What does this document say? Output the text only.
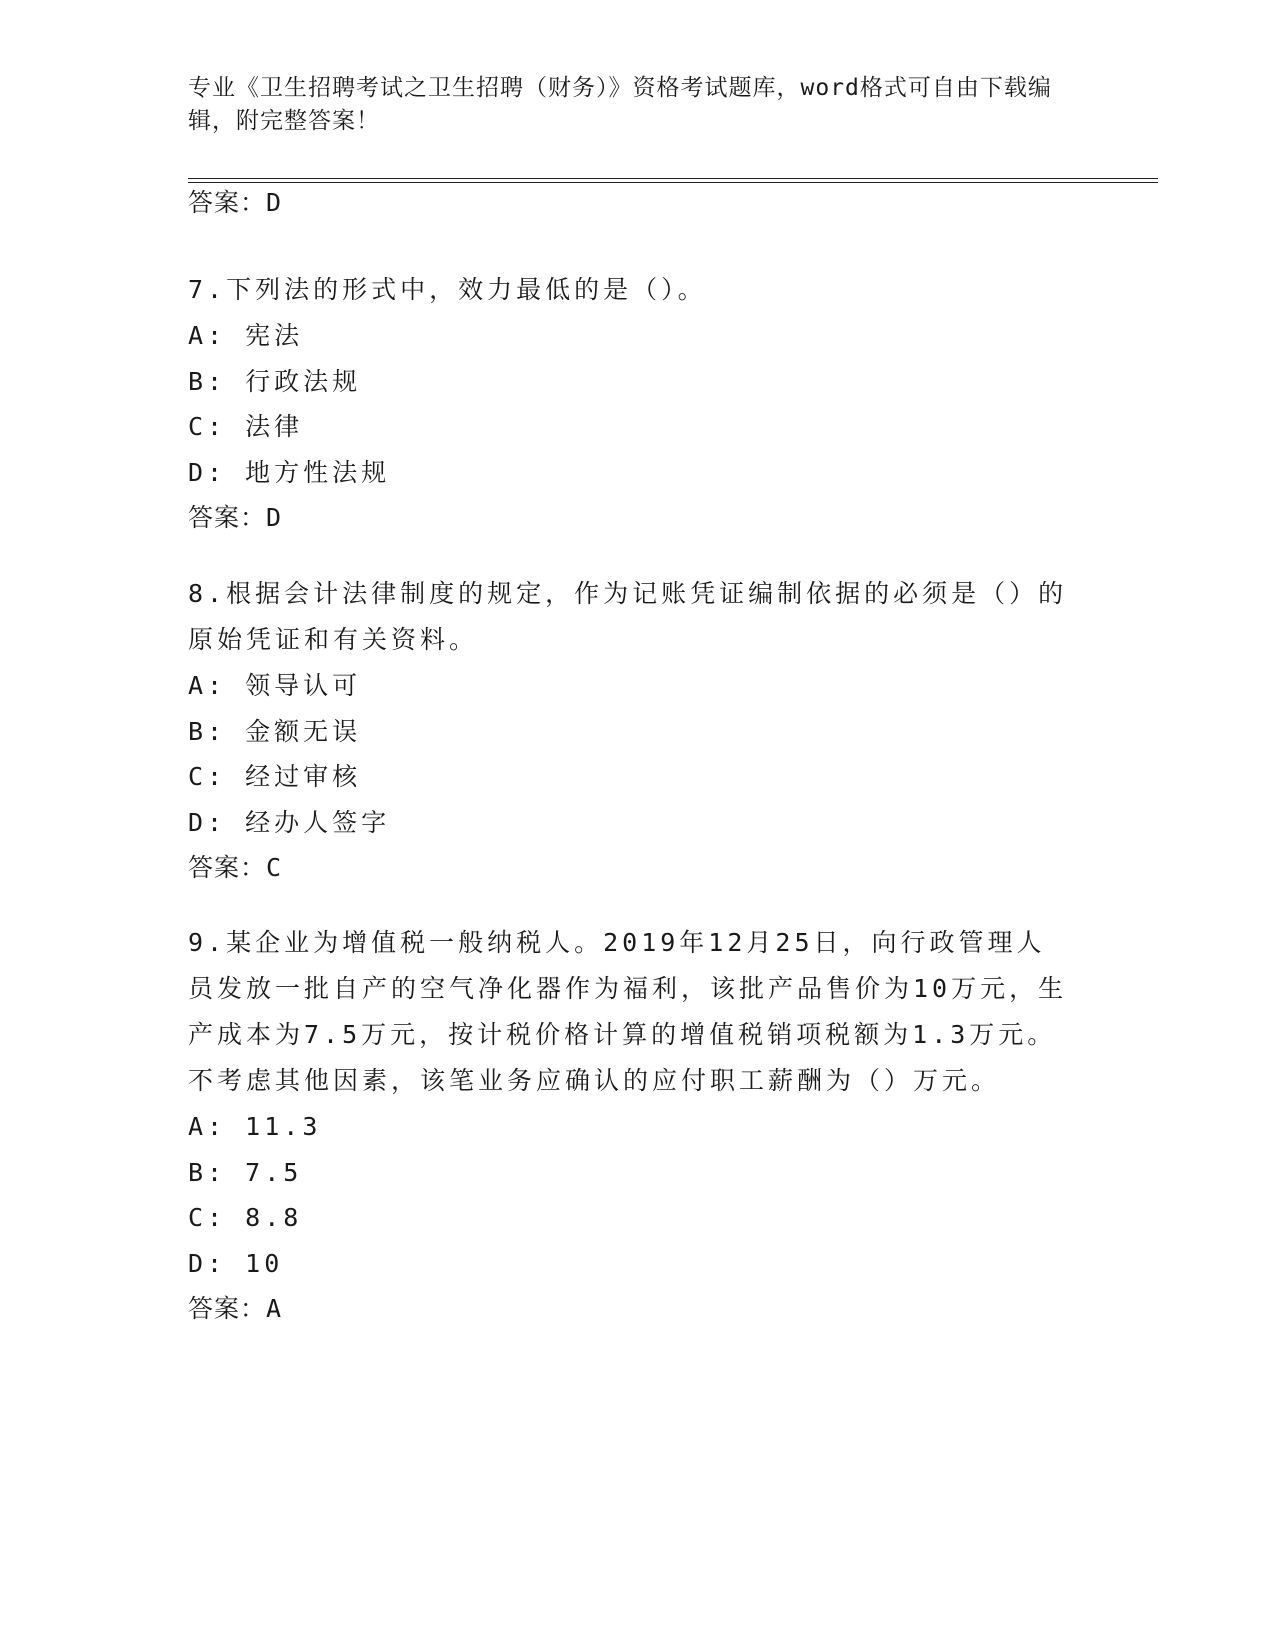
专业《卫生招聘考试之卫生招聘（财务）》资格考试题库，word格式可自由下载编辑，附完整答案！
答案：D

7.下列法的形式中，效力最低的是（）。

A: 宪法

B: 行政法规

C: 法律

D: 地方性法规

答案：D

8.根据会计法律制度的规定，作为记账凭证编制依据的必须是（）的原始凭证和有关资料。

A: 领导认可

B: 金额无误

C: 经过审核

D: 经办人签字

答案：C

9.某企业为增值税一般纳税人。2019年12月25日，向行政管理人员发放一批自产的空气净化器作为福利，该批产品售价为10万元，生产成本为7.5万元，按计税价格计算的增值税销项税额为1.3万元。不考虑其他因素，该笔业务应确认的应付职工薪酬为（）万元。

A: 11.3

B: 7.5

C: 8.8

D: 10

答案：A
